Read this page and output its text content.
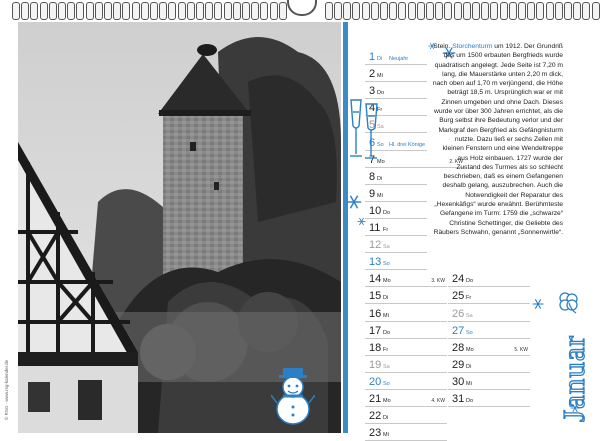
© RSG · www.rsg-kalender.de
1 Di Neujahr
2 Mi
3 Do
4 Fr
5 Sa
6 So Hl. drei Könige
7 Mo	2. KW
8 Di
9 Mi
10 Do
11 Fr
12 Sa
13 So
14 Mo	3. KW
15 Di
16 Mi
17 Do
18 Fr
19 Sa
20 So
21 Mo	4. KW
22 Di
23 Mi
24 Do
25 Fr
26 Sa
27 So
28 Mo	5. KW
29 Di
30 Mi
31 Do
Stein. Storchenturm um 1912. Der Grundriß des um 1500 erbauten Bergfrieds wurde quadratisch angelegt. Jede Seite ist 7,20 m lang, die Mauerstärke unten 2,20 m dick, nach oben auf 1,70 m verjüngend, die Höhe beträgt 18,5 m. Ursprünglich war er mit Zinnen umgeben und ohne Dach. Dieses wurde vor über 300 Jahren errichtet, als die Burg selbst ihre Bedeutung verlor und der Markgraf den Bergfried als Gefängnisturm nutzte. Dazu ließ er sechs Zellen mit kleinen Fenstern und eine Wendeltreppe aus Holz einbauen. 1727 wurde der Zustand des Turmes als so schlecht beschrieben, daß es einem Gefangenen deshalb gelang, auszubrechen. Auch die Notwendigkeit der Reparatur des „Hexenkäfigs“ wurde erwähnt. Berühmteste Gefangene im Turm: 1759 die „schwarze“ Christine Schettinger, die Geliebte des Räubers Schwahn, genannt „Sonnenwirtle“.
Januar
